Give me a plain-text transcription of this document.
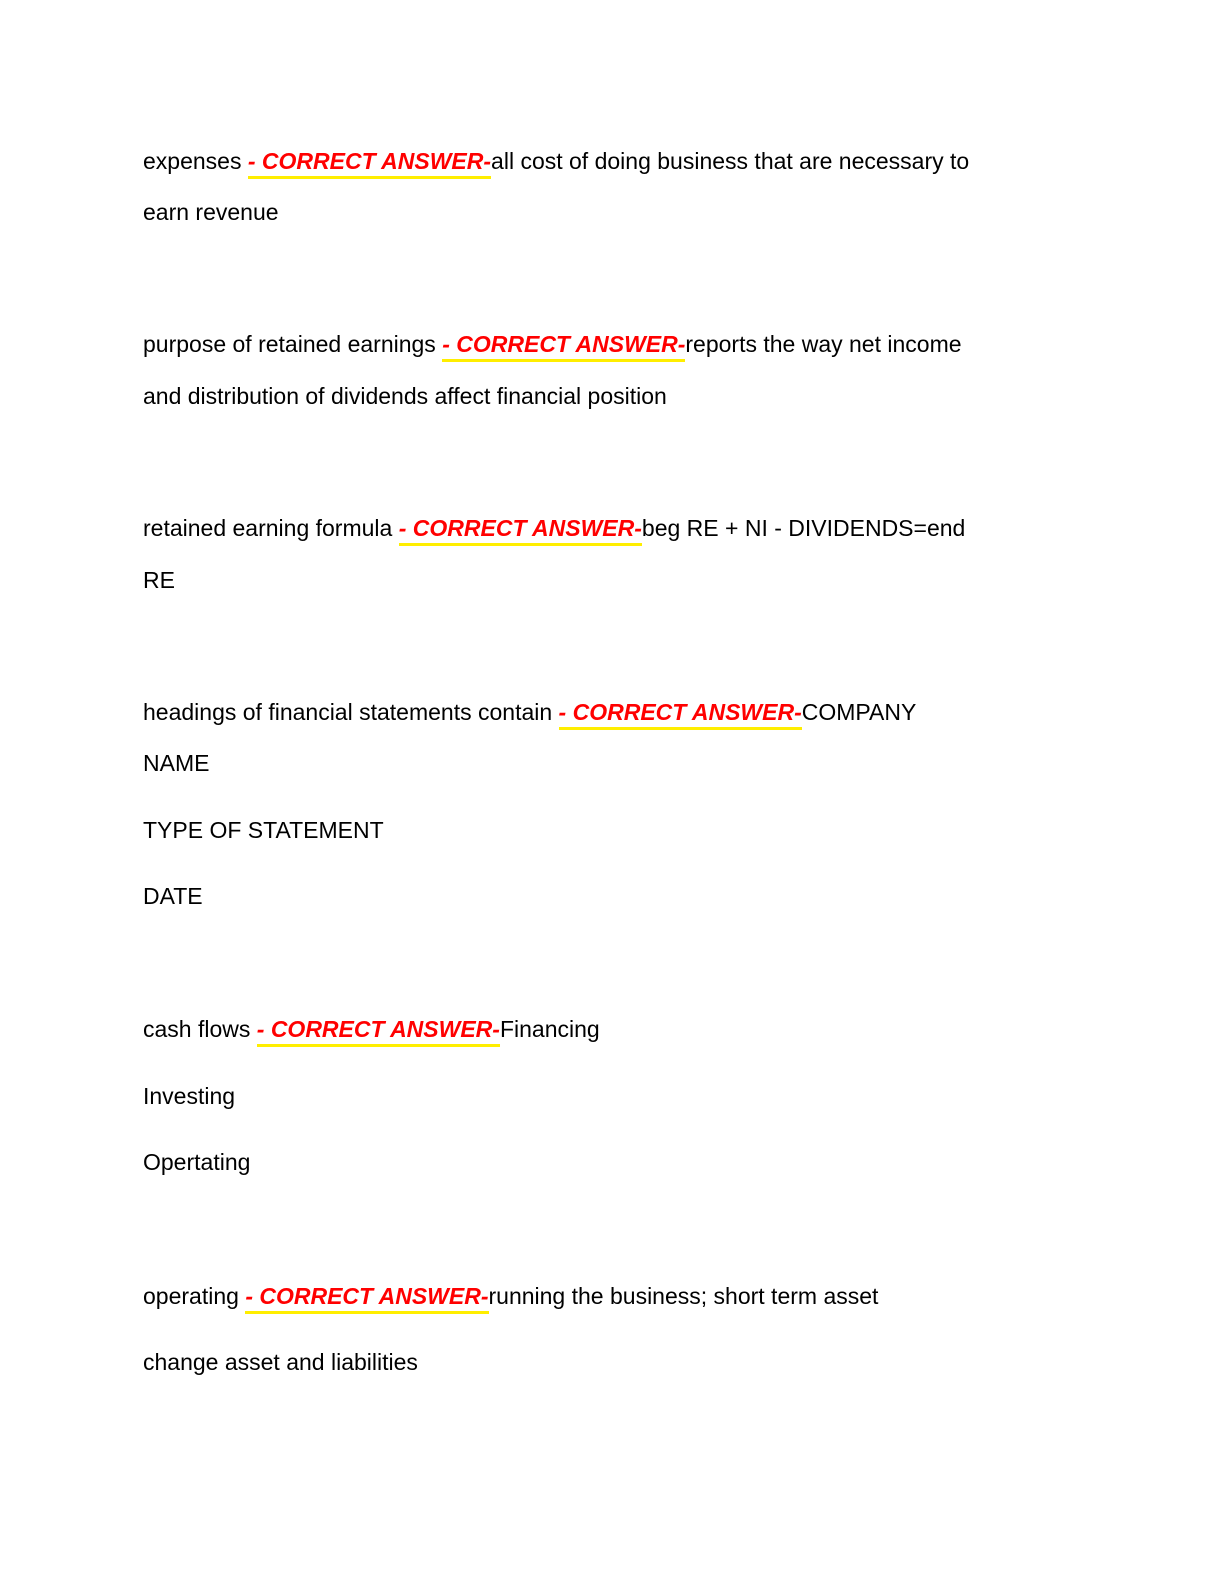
expenses - CORRECT ANSWER-all cost of doing business that are necessary to
earn revenue
purpose of retained earnings - CORRECT ANSWER-reports the way net income
and distribution of dividends affect financial position
retained earning formula - CORRECT ANSWER-beg RE + NI - DIVIDENDS=end
RE
headings of financial statements contain - CORRECT ANSWER-COMPANY
NAME
TYPE OF STATEMENT
DATE
cash flows - CORRECT ANSWER-Financing
Investing
Opertating
operating - CORRECT ANSWER-running the business; short term asset
change asset and liabilities
